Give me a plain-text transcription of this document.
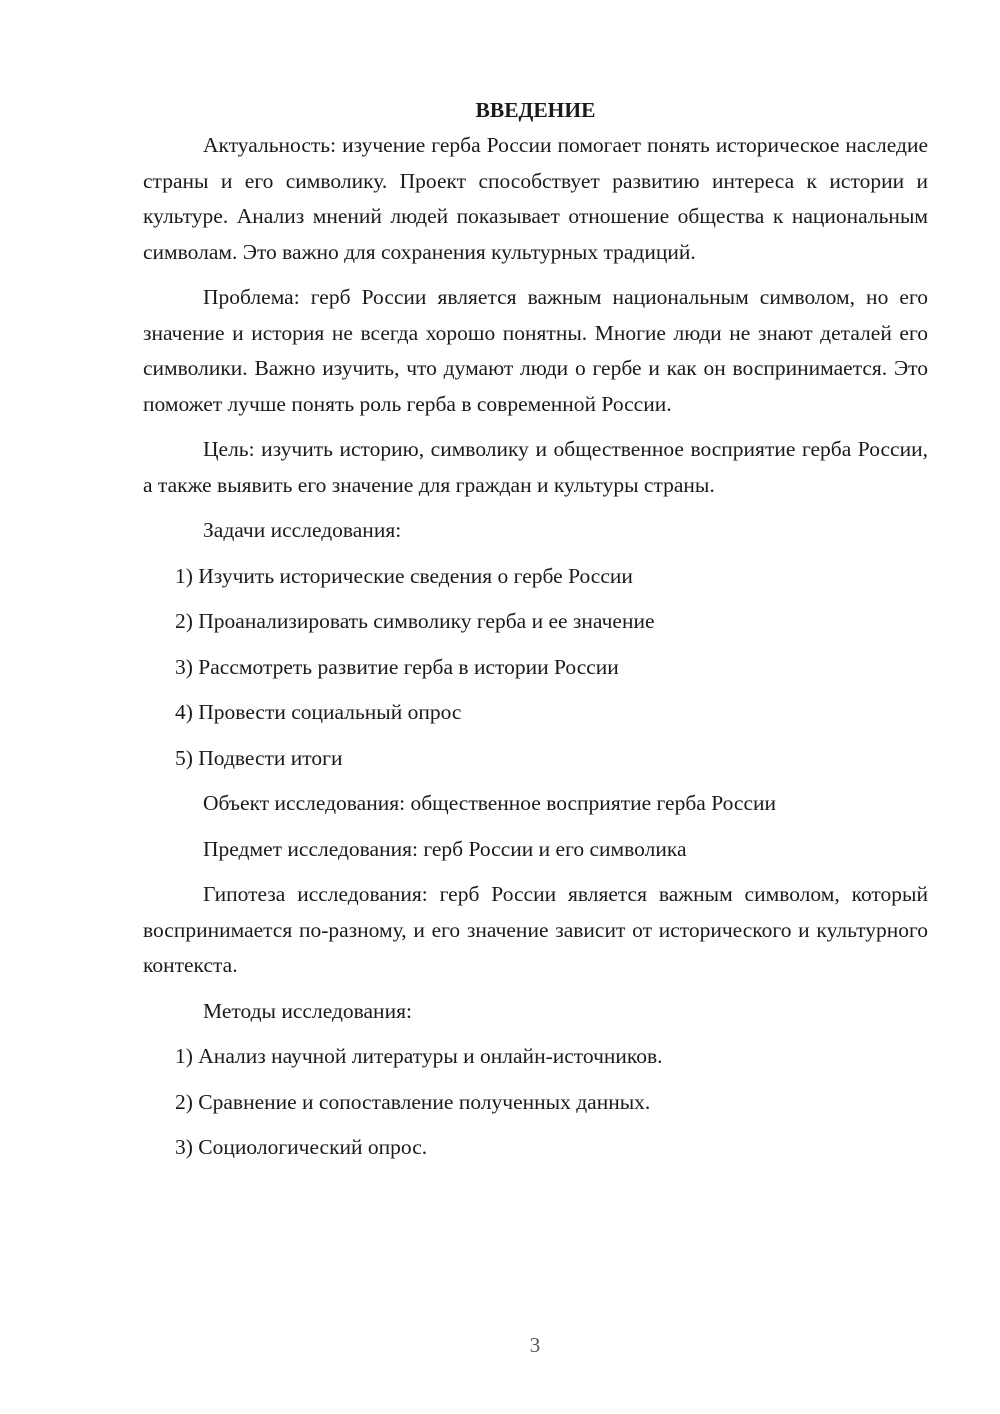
ВВЕДЕНИЕ

Актуальность: изучение герба России помогает понять историческое наследие страны и его символику. Проект способствует развитию интереса к истории и культуре. Анализ мнений людей показывает отношение общества к национальным символам. Это важно для сохранения культурных традиций.

Проблема: герб России является важным национальным символом, но его значение и история не всегда хорошо понятны. Многие люди не знают деталей его символики. Важно изучить, что думают люди о гербе и как он воспринимается. Это поможет лучше понять роль герба в современной России.

Цель: изучить историю, символику и общественное восприятие герба России, а также выявить его значение для граждан и культуры страны.

Задачи исследования:
1) Изучить исторические сведения о гербе России
2) Проанализировать символику герба и ее значение
3) Рассмотреть развитие герба в истории России
4) Провести социальный опрос
5) Подвести итоги
Объект исследования: общественное восприятие герба России
Предмет исследования: герб России и его символика

Гипотеза исследования: герб России является важным символом, который воспринимается по-разному, и его значение зависит от исторического и культурного контекста.

Методы исследования:
1) Анализ научной литературы и онлайн-источников.
2) Сравнение и сопоставление полученных данных.
3) Социологический опрос.
3
